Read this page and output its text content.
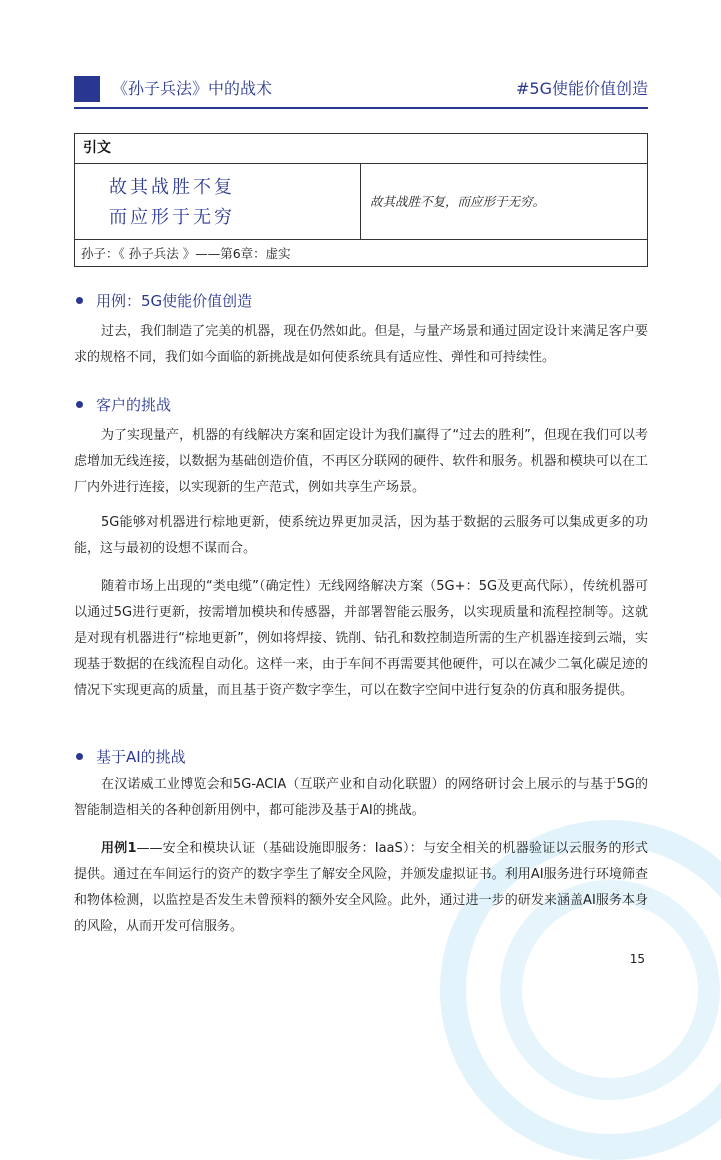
《孙子兵法》中的战术	#5G使能价值创造
引文
故其战胜不复
而应形于无穷
故其战胜不复，而应形于无穷。
孙子：《 孙子兵法 》——第6章：虚实
用例：5G使能价值创造
过去，我们制造了完美的机器，现在仍然如此。但是，与量产场景和通过固定设计来满足客户要求的规格不同，我们如今面临的新挑战是如何使系统具有适应性、弹性和可持续性。
客户的挑战
为了实现量产，机器的有线解决方案和固定设计为我们赢得了“过去的胜利”，但现在我们可以考虑增加无线连接，以数据为基础创造价值，不再区分联网的硬件、软件和服务。机器和模块可以在工厂内外进行连接，以实现新的生产范式，例如共享生产场景。
5G能够对机器进行棕地更新，使系统边界更加灵活，因为基于数据的云服务可以集成更多的功能，这与最初的设想不谋而合。
随着市场上出现的“类电缆”（确定性）无线网络解决方案（5G+：5G及更高代际），传统机器可以通过5G进行更新，按需增加模块和传感器，并部署智能云服务，以实现质量和流程控制等。这就是对现有机器进行“棕地更新”，例如将焊接、铣削、钻孔和数控制造所需的生产机器连接到云端，实现基于数据的在线流程自动化。这样一来，由于车间不再需要其他硬件，可以在减少二氧化碳足迹的情况下实现更高的质量，而且基于资产数字孪生，可以在数字空间中进行复杂的仿真和服务提供。
基于AI的挑战
在汉诺威工业博览会和5G-ACIA（互联产业和自动化联盟）的网络研讨会上展示的与基于5G的智能制造相关的各种创新用例中，都可能涉及基于AI的挑战。
用例1——安全和模块认证（基础设施即服务：IaaS）：与安全相关的机器验证以云服务的形式提供。通过在车间运行的资产的数字孪生了解安全风险，并颁发虚拟证书。利用AI服务进行环境筛查和物体检测，以监控是否发生未曾预料的额外安全风险。此外，通过进一步的研发来涵盖AI服务本身的风险，从而开发可信服务。
15
